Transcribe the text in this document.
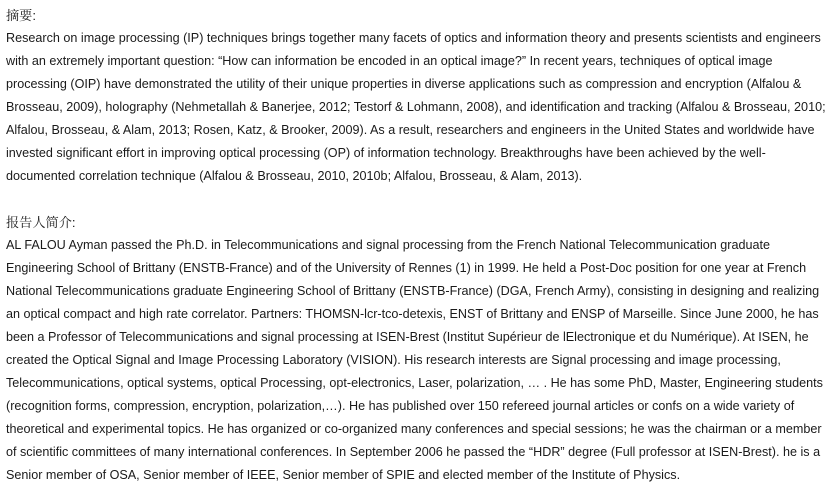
摘要:

Research on image processing (IP) techniques brings together many facets of optics and information theory and presents scientists and engineers with an extremely important question: “How can information be encoded in an optical image?” In recent years, techniques of optical image processing (OIP) have demonstrated the utility of their unique properties in diverse applications such as compression and encryption (Alfalou & Brosseau, 2009), holography (Nehmetallah & Banerjee, 2012; Testorf & Lohmann, 2008), and identification and tracking (Alfalou & Brosseau, 2010; Alfalou, Brosseau, & Alam, 2013; Rosen, Katz, & Brooker, 2009). As a result, researchers and engineers in the United States and worldwide have invested significant effort in improving optical processing (OP) of information technology. Breakthroughs have been achieved by the well-documented correlation technique (Alfalou & Brosseau, 2010, 2010b; Alfalou, Brosseau, & Alam, 2013).

报告人简介:

AL FALOU Ayman passed the Ph.D. in Telecommunications and signal processing from the French National Telecommunication graduate Engineering School of Brittany (ENSTB-France) and of the University of Rennes (1) in 1999. He held a Post-Doc position for one year at French National Telecommunications graduate Engineering School of Brittany (ENSTB-France) (DGA, French Army), consisting in designing and realizing an optical compact and high rate correlator. Partners: THOMSN-lcr-tco-detexis, ENST of Brittany and ENSP of Marseille. Since June 2000, he has been a Professor of Telecommunications and signal processing at ISEN-Brest (Institut Supérieur de lElectronique et du Numérique). At ISEN, he created the Optical Signal and Image Processing Laboratory (VISION). His research interests are Signal processing and image processing, Telecommunications, optical systems, optical Processing, opt-electronics, Laser, polarization, … . He has some PhD, Master, Engineering students (recognition forms, compression, encryption, polarization,…). He has published over 150 refereed journal articles or confs on a wide variety of theoretical and experimental topics. He has organized or co-organized many conferences and special sessions; he was the chairman or a member of scientific committees of many international conferences. In September 2006 he passed the “HDR” degree (Full professor at ISEN-Brest). he is a Senior member of OSA, Senior member of IEEE, Senior member of SPIE and elected member of the Institute of Physics.
